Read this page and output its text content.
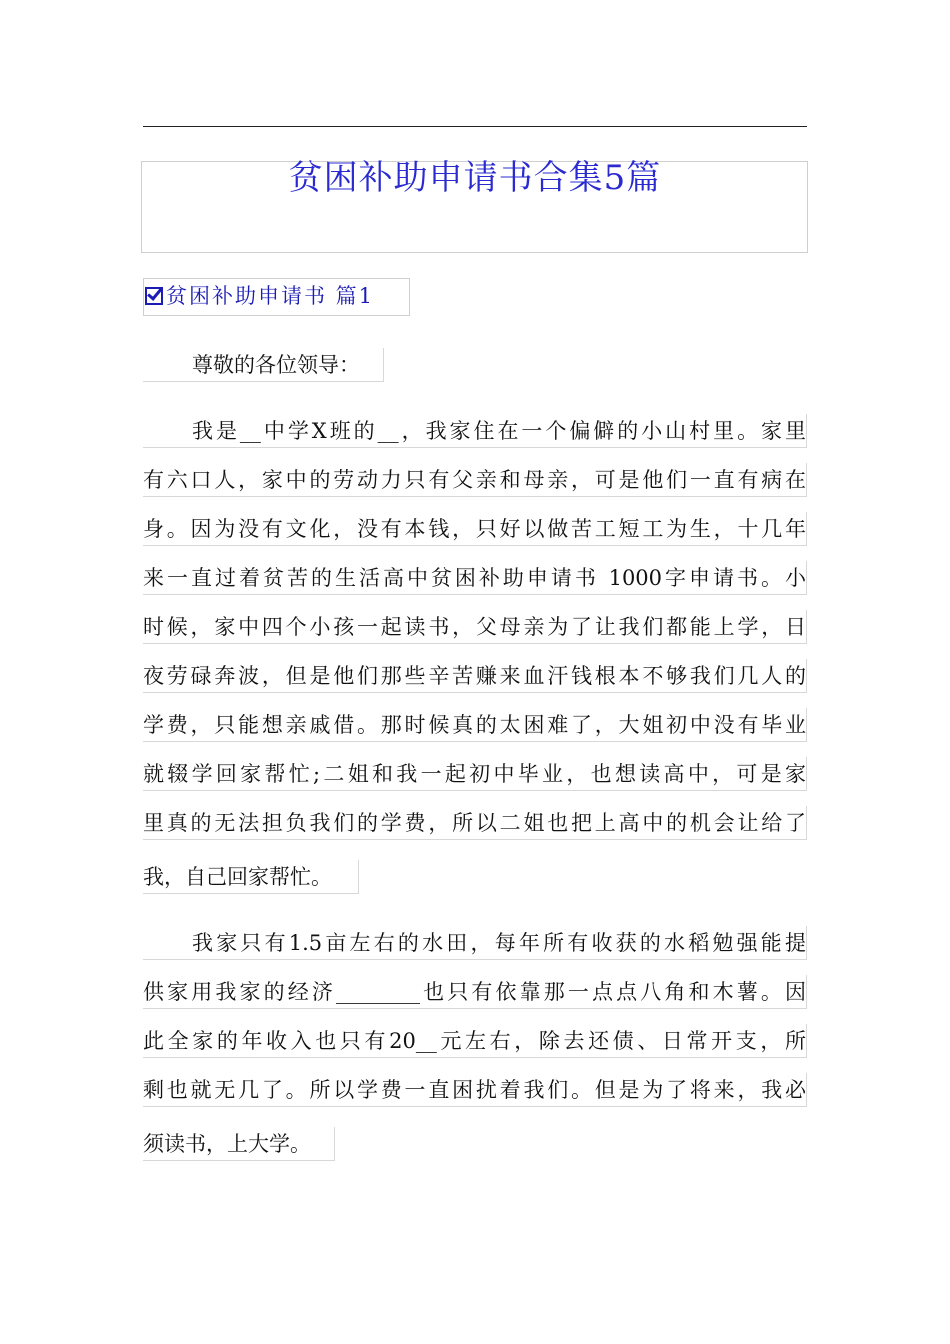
贫困补助申请书合集5篇
贫困补助申请书 篇1
尊敬的各位领导：
我是__中学X班的__，我家住在一个偏僻的小山村里。家里
有六口人，家中的劳动力只有父亲和母亲，可是他们一直有病在
身。因为没有文化，没有本钱，只好以做苦工短工为生，十几年
来一直过着贫苦的生活高中贫困补助申请书 1000字申请书。小
时候，家中四个小孩一起读书，父母亲为了让我们都能上学，日
夜劳碌奔波，但是他们那些辛苦赚来血汗钱根本不够我们几人的
学费，只能想亲戚借。那时候真的太困难了，大姐初中没有毕业
就辍学回家帮忙;二姐和我一起初中毕业，也想读高中，可是家
里真的无法担负我们的学费，所以二姐也把上高中的机会让给了
我，自己回家帮忙。
我家只有1.5亩左右的水田，每年所有收获的水稻勉强能提
供家用我家的经济________也只有依靠那一点点八角和木薯。因
此全家的年收入也只有20__元左右，除去还债、日常开支，所
剩也就无几了。所以学费一直困扰着我们。但是为了将来，我必
须读书，上大学。
